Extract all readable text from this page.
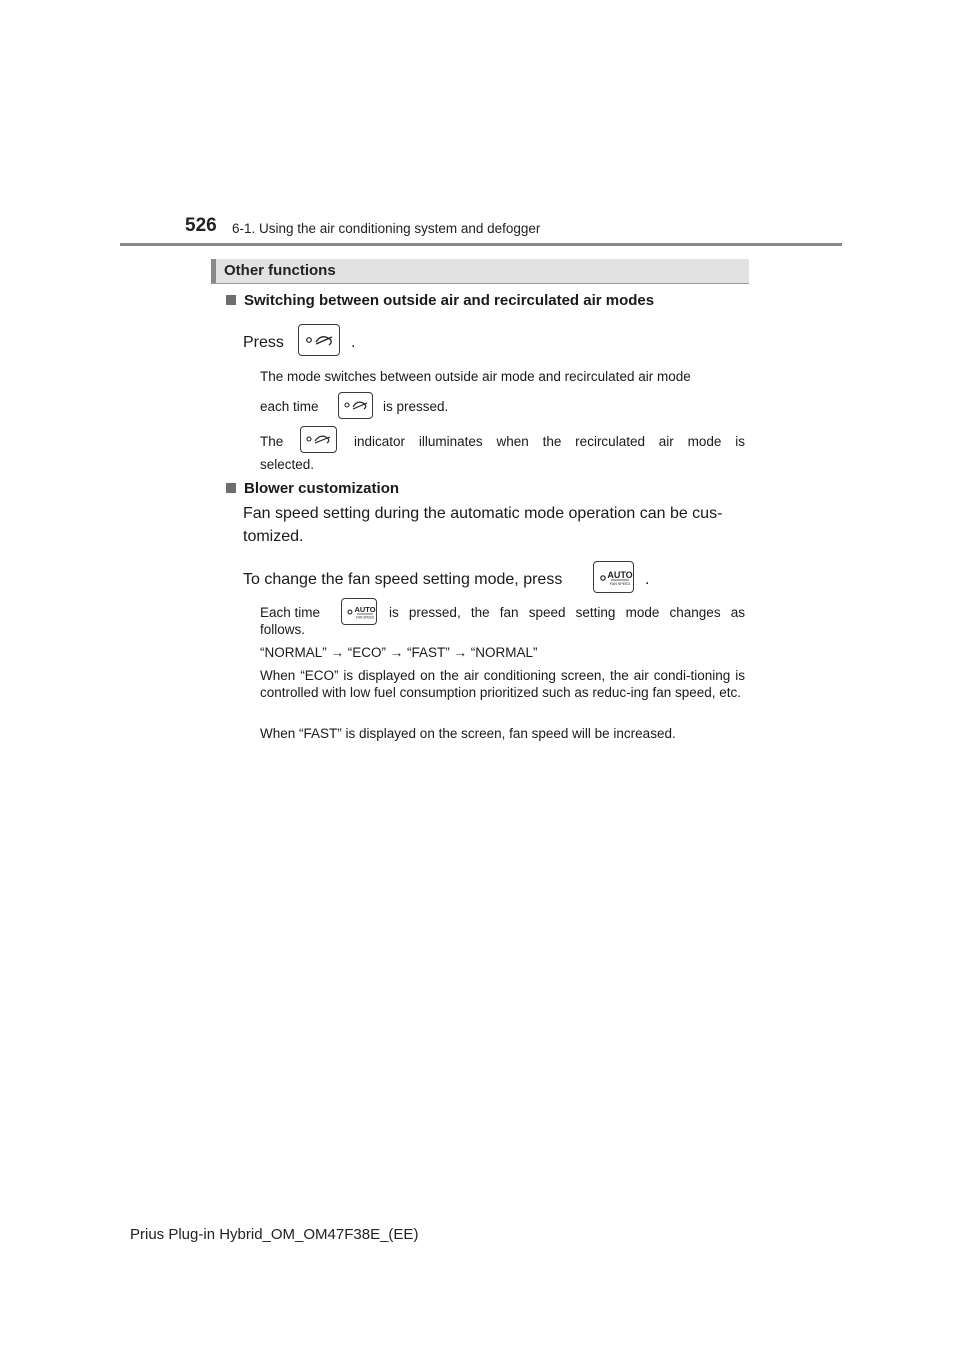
526 6-1. Using the air conditioning system and defogger
Other functions
Switching between outside air and recirculated air modes
Press	.
The mode switches between outside air mode and recirculated air mode
each time	is pressed.
The	indicator illuminates when the recirculated air mode is
selected.
Blower customization
Fan speed setting during the automatic mode operation can be cus-
tomized.
To change the fan speed setting mode, press	AUTO
FAN SPEED .
Each time	AUTO
FAN SPEED is pressed, the fan speed setting mode changes as
follows.
“NORMAL” → “ECO” → “FAST” → “NORMAL”
When “ECO” is displayed on the air conditioning screen, the air condi-tioning is controlled with low fuel consumption prioritized such as reduc-ing fan speed, etc.
When “FAST” is displayed on the screen, fan speed will be increased.
Prius Plug-in Hybrid_OM_OM47F38E_(EE)
